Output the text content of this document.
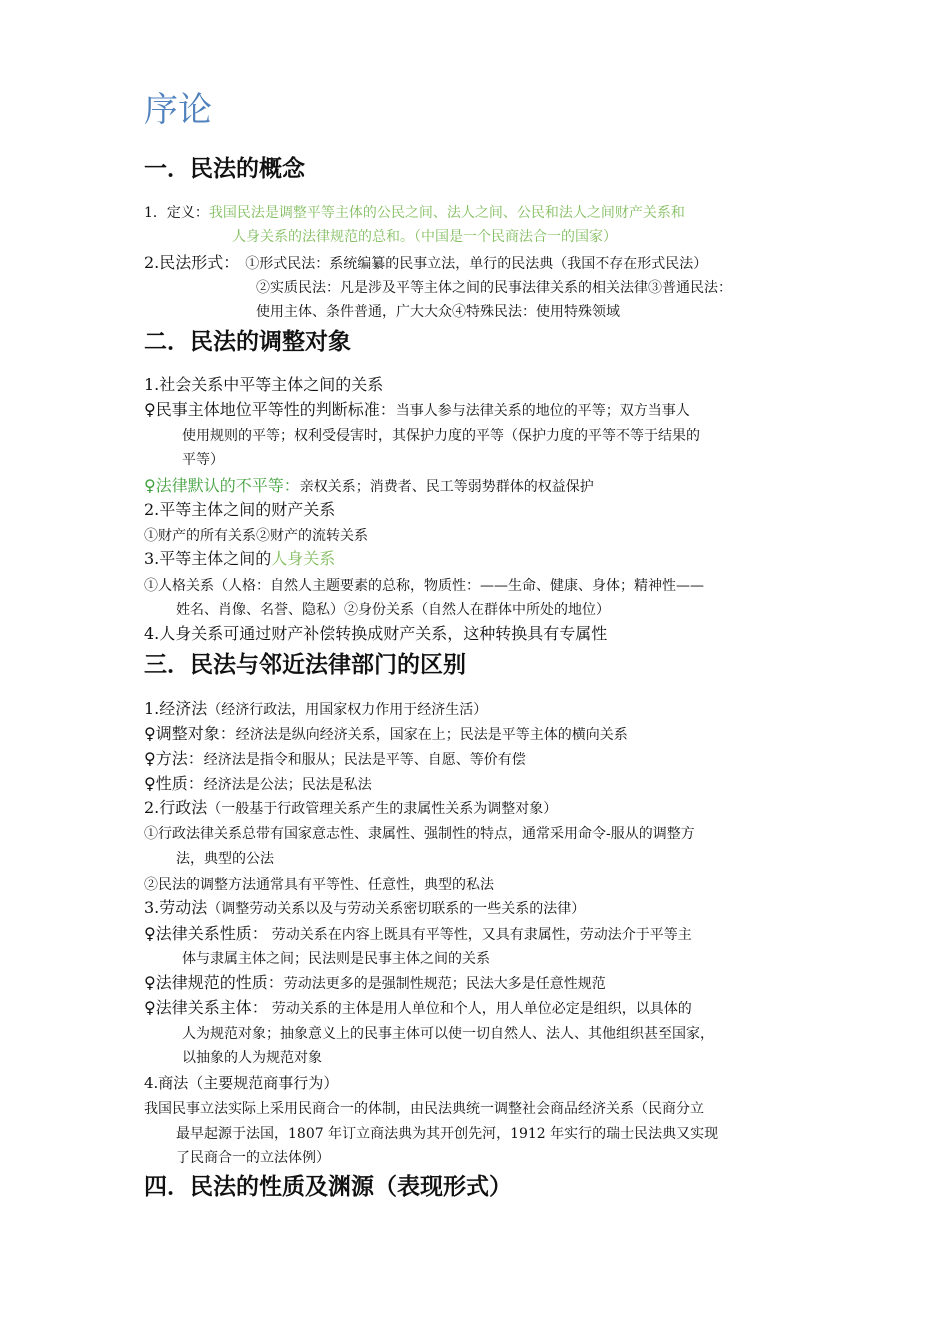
序论
一．民法的概念
1．定义：我国民法是调整平等主体的公民之间、法人之间、公民和法人之间财产关系和
人身关系的法律规范的总和。（中国是一个民商法合一的国家）
2.民法形式： ①形式民法：系统编纂的民事立法，单行的民法典（我国不存在形式民法）
②实质民法：凡是涉及平等主体之间的民事法律关系的相关法律③普通民法：
使用主体、条件普通，广大大众④特殊民法：使用特殊领域
二．民法的调整对象
1.社会关系中平等主体之间的关系
♀民事主体地位平等性的判断标准：当事人参与法律关系的地位的平等；双方当事人
使用规则的平等；权利受侵害时，其保护力度的平等（保护力度的平等不等于结果的
平等）
♀法律默认的不平等：亲权关系；消费者、民工等弱势群体的权益保护
2.平等主体之间的财产关系
①财产的所有关系②财产的流转关系
3.平等主体之间的人身关系
①人格关系（人格：自然人主题要素的总称，物质性：——生命、健康、身体；精神性——
姓名、肖像、名誉、隐私）②身份关系（自然人在群体中所处的地位）
4.人身关系可通过财产补偿转换成财产关系，这种转换具有专属性
三．民法与邻近法律部门的区别
1.经济法（经济行政法，用国家权力作用于经济生活）
♀调整对象：经济法是纵向经济关系，国家在上；民法是平等主体的横向关系
♀方法：经济法是指令和服从；民法是平等、自愿、等价有偿
♀性质：经济法是公法；民法是私法
2.行政法（一般基于行政管理关系产生的隶属性关系为调整对象）
①行政法律关系总带有国家意志性、隶属性、强制性的特点，通常采用命令-服从的调整方
法，典型的公法
②民法的调整方法通常具有平等性、任意性，典型的私法
3.劳动法（调整劳动关系以及与劳动关系密切联系的一些关系的法律）
♀法律关系性质： 劳动关系在内容上既具有平等性，又具有隶属性，劳动法介于平等主
体与隶属主体之间；民法则是民事主体之间的关系
♀法律规范的性质：劳动法更多的是强制性规范；民法大多是任意性规范
♀法律关系主体： 劳动关系的主体是用人单位和个人，用人单位必定是组织，以具体的
人为规范对象；抽象意义上的民事主体可以使一切自然人、法人、其他组织甚至国家，
以抽象的人为规范对象
4.商法（主要规范商事行为）
我国民事立法实际上采用民商合一的体制，由民法典统一调整社会商品经济关系（民商分立
最早起源于法国，1807 年订立商法典为其开创先河，1912 年实行的瑞士民法典又实现
了民商合一的立法体例）
四．民法的性质及渊源（表现形式）
